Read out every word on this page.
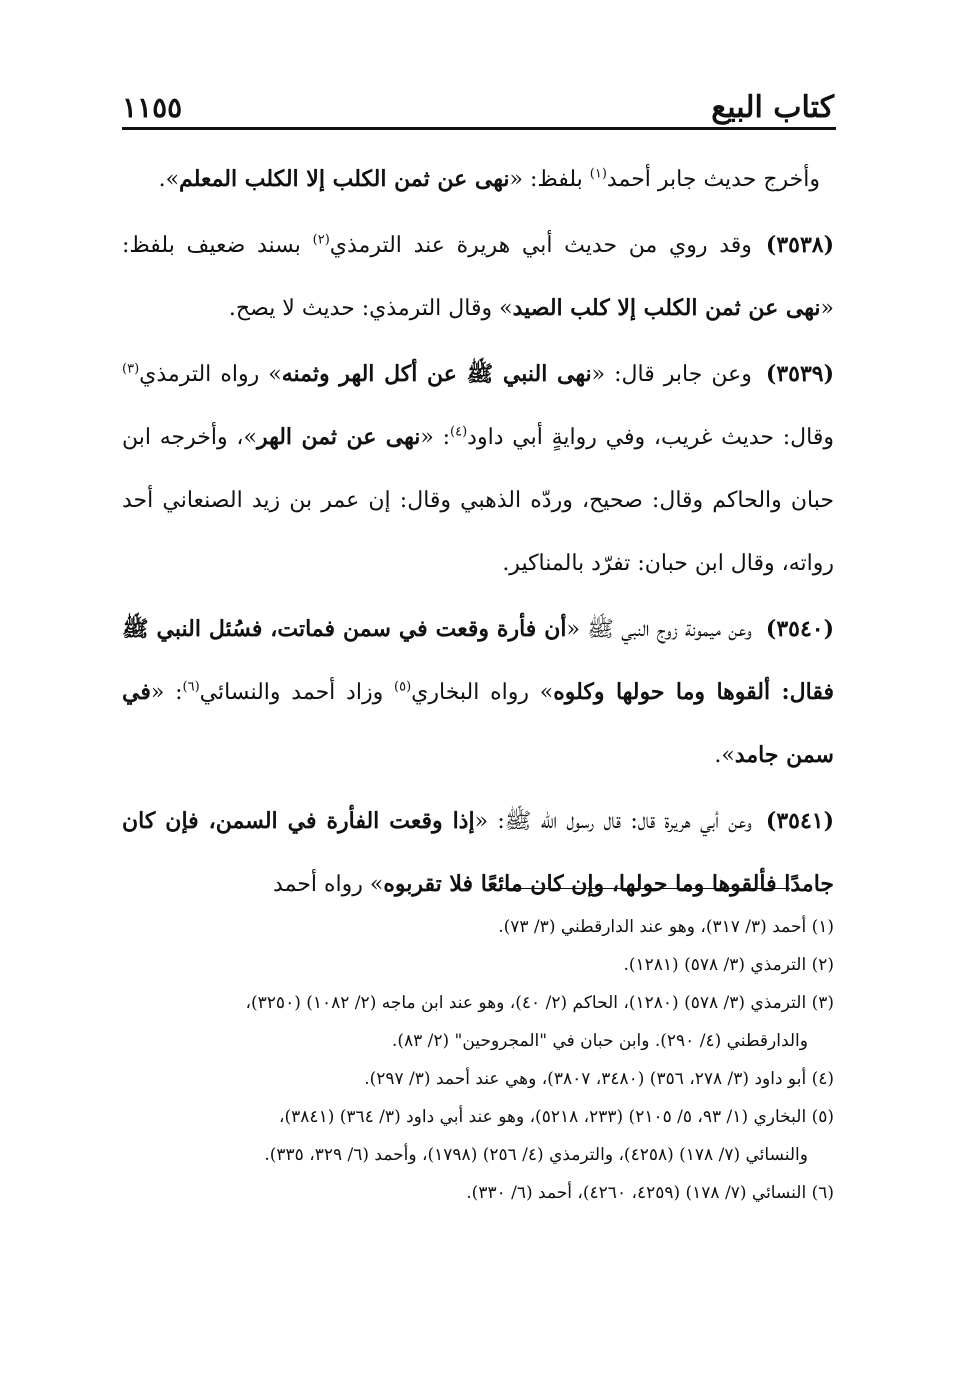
كتاب البيع
١١٥٥

وأخرج حديث جابر أحمد$^{(١)}$ بلفظ: «نهى عن ثمن الكلب إلا الكلب المعلم».

(٣٥٣٨)وقد روي من حديث أبي هريرة عند الترمذي$^{(٢)}$ بسند ضعيف بلفظ: «نهى عن ثمن الكلب إلا كلب الصيد» وقال الترمذي: حديث لا يصح.

(٣٥٣٩)وعن جابر قال: «نهى النبي ﷺ عن أكل الهر وثمنه» رواه الترمذي$^{(٣)}$ وقال: حديث غريب، وفي روايةٍ أبي داود$^{(٤)}$: «نهى عن ثمن الهر»، وأخرجه ابن حبان والحاكم وقال: صحيح، وردّه الذهبي وقال: إن عمر بن زيد الصنعاني أحد رواته، وقال ابن حبان: تفرّد بالمناكير.

(٣٥٤٠)وعن ميمونة زوج النبي ﷺ «أن فأرة وقعت في سمن فماتت، فسُئل النبي ﷺ فقال: ألقوها وما حولها وكلوه» رواه البخاري$^{(٥)}$ وزاد أحمد والنسائي$^{(٦)}$: «في سمن جامد».

(٣٥٤١)وعن أبي هريرة قال: قال رسول الله ﷺ: «إذا وقعت الفأرة في السمن، فإن كان جامدًا فألقوها وما حولها، وإن كان مائعًا فلا تقربوه» رواه أحمد

(١) أحمد (٣/ ٣١٧)، وهو عند الدارقطني (٣/ ٧٣).

(٢) الترمذي (٣/ ٥٧٨) (١٢٨١).

(٣) الترمذي (٣/ ٥٧٨) (١٢٨٠)، الحاكم (٢/ ٤٠)، وهو عند ابن ماجه (٢/ ١٠٨٢) (٣٢٥٠)،
والدارقطني (٤/ ٢٩٠). وابن حبان في "المجروحين" (٢/ ٨٣).

(٤) أبو داود (٣/ ٢٧٨، ٣٥٦) (٣٤٨٠، ٣٨٠٧)، وهي عند أحمد (٣/ ٢٩٧).

(٥) البخاري (١/ ٩٣، ٥/ ٢١٠٥) (٢٣٣، ٥٢١٨)، وهو عند أبي داود (٣/ ٣٦٤) (٣٨٤١)،
والنسائي (٧/ ١٧٨) (٤٢٥٨)، والترمذي (٤/ ٢٥٦) (١٧٩٨)، وأحمد (٦/ ٣٢٩، ٣٣٥).

(٦) النسائي (٧/ ١٧٨) (٤٢٥٩، ٤٢٦٠)، أحمد (٦/ ٣٣٠).
